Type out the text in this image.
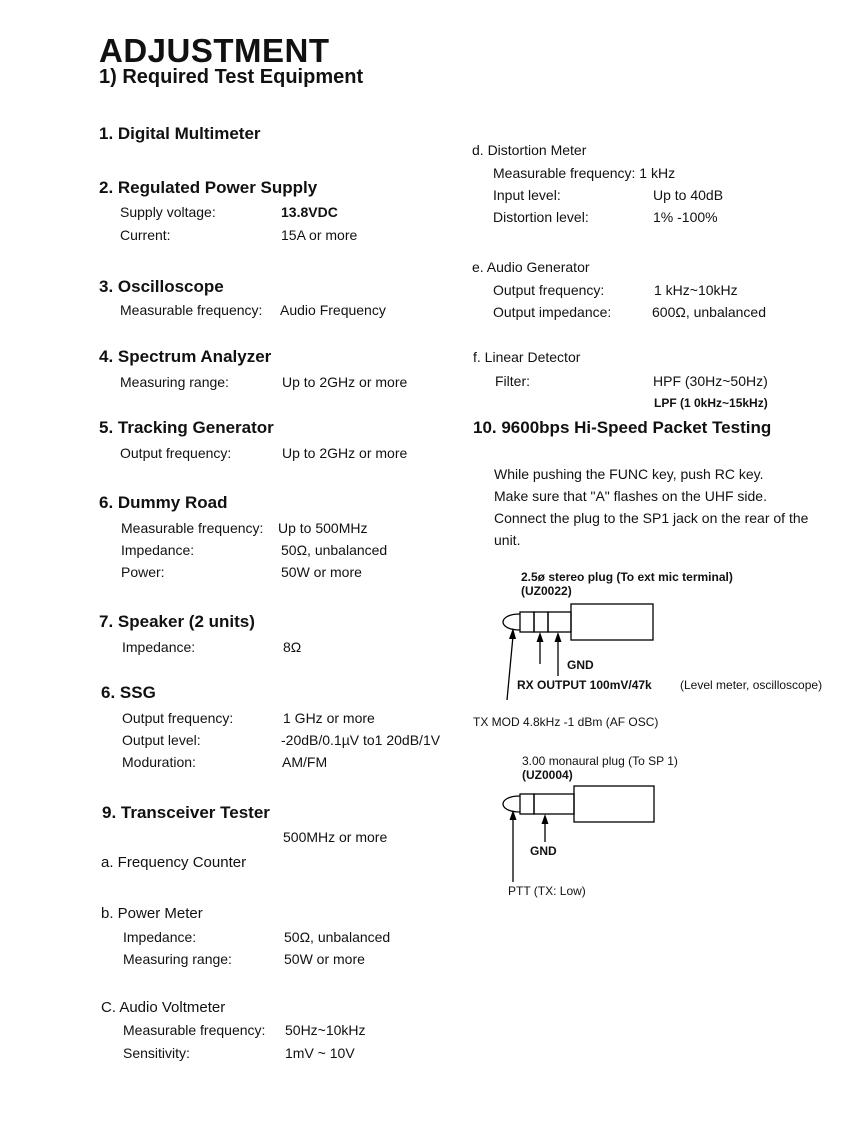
ADJUSTMENT
1) Required Test Equipment
1. Digital Multimeter
2. Regulated Power Supply
Supply voltage:	13.8VDC
Current:	15A or more
3. Oscilloscope
Measurable frequency: Audio Frequency
4. Spectrum Analyzer
Measuring range:	Up to 2GHz or more
5. Tracking Generator
Output frequency:	Up to 2GHz or more
6. Dummy Road
Measurable frequency: Up to 500MHz
Impedance:	50Ω, unbalanced
Power:	50W or more
7. Speaker (2 units)
Impedance:	8Ω
6. SSG
Output frequency:	1 GHz or more
Output level:	-20dB/0.1µV to1 20dB/1V
Moduration:	AM/FM
9. Transceiver Tester
500MHz or more
a. Frequency Counter
b. Power Meter
Impedance:	50Ω, unbalanced
Measuring range:	50W or more
C. Audio Voltmeter
Measurable frequency: 50Hz~10kHz
Sensitivity:	1mV ~ 10V
d. Distortion Meter
Measurable frequency: 1 kHz
Input level:	Up to 40dB
Distortion level:	1% -100%
e. Audio Generator
Output frequency:	1 kHz~10kHz
Output impedance:	600Ω, unbalanced
f. Linear Detector
Filter:	HPF (30Hz~50Hz)
LPF (1 0kHz~15kHz)
10. 9600bps Hi-Speed Packet Testing
While pushing the FUNC key, push RC key.
Make sure that "A" flashes on the UHF side.
Connect the plug to the SP1 jack on the rear of the
unit.
2.5ø stereo plug (To ext mic terminal)
(UZ0022)
GND
RX OUTPUT 100mV/47k (Level meter, oscilloscope)
TX MOD 4.8kHz -1 dBm (AF OSC)
3.00 monaural plug (To SP 1)
(UZ0004)
GND
PTT (TX: Low)
